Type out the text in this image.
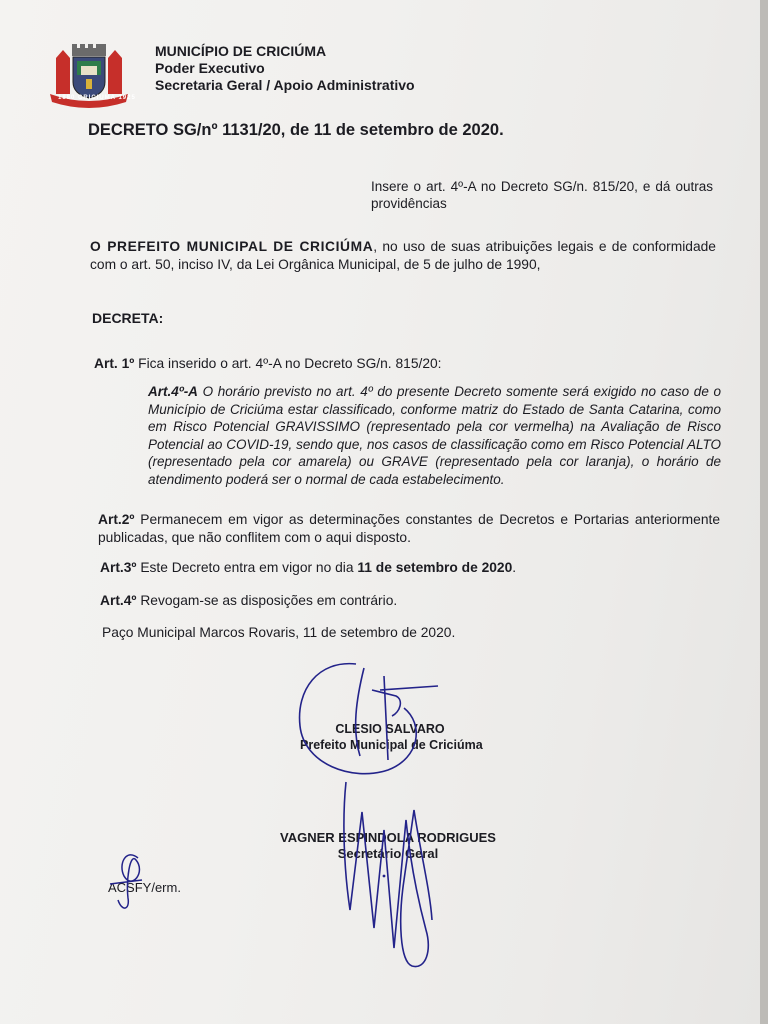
1880 CRICIUMA 1925
MUNICÍPIO DE CRICIÚMA
Poder Executivo
Secretaria Geral / Apoio Administrativo
DECRETO SG/nº 1131/20, de 11 de setembro de 2020.
Insere o art. 4º-A no Decreto SG/n. 815/20, e dá outras providências
O PREFEITO MUNICIPAL DE CRICIÚMA, no uso de suas atribuições legais e de conformidade com o art. 50, inciso IV, da Lei Orgânica Municipal, de 5 de julho de 1990,
DECRETA:
Art. 1º Fica inserido o art. 4º-A no Decreto SG/n. 815/20:
Art.4º-A O horário previsto no art. 4º do presente Decreto somente será exigido no caso de o Município de Criciúma estar classificado, conforme matriz do Estado de Santa Catarina, como em Risco Potencial GRAVISSIMO (representado pela cor vermelha) na Avaliação de Risco Potencial ao COVID-19, sendo que, nos casos de classificação como em Risco Potencial ALTO (representado pela cor amarela) ou GRAVE (representado pela cor laranja), o horário de atendimento poderá ser o normal de cada estabelecimento.
Art.2º Permanecem em vigor as determinações constantes de Decretos e Portarias anteriormente publicadas, que não conflitem com o aqui disposto.
Art.3º Este Decreto entra em vigor no dia 11 de setembro de 2020.
Art.4º Revogam-se as disposições em contrário.
Paço Municipal Marcos Rovaris, 11 de setembro de 2020.
CLESIO SALVARO
Prefeito Municipal de Criciúma
VAGNER ESPINDOLA RODRIGUES
Secretário Geral
ACSFY/erm.
